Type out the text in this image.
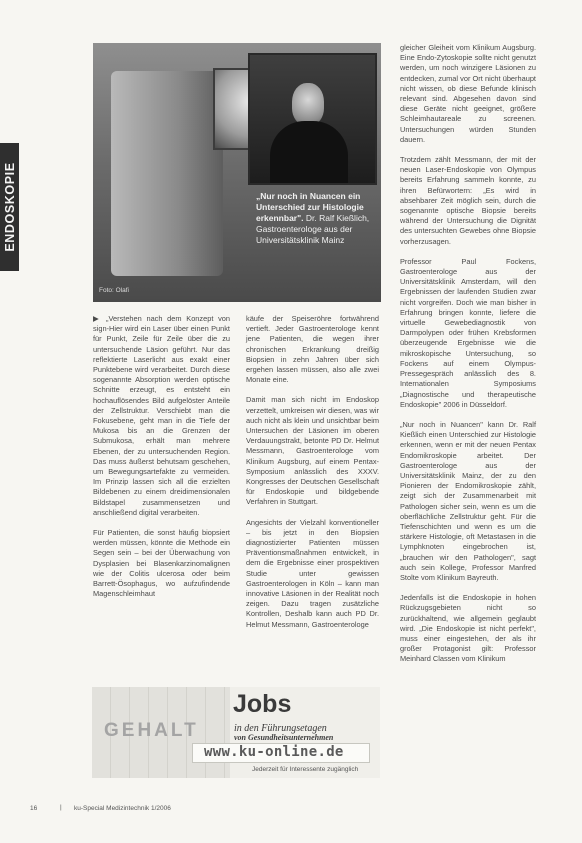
ENDOSKOPIE	„Nur noch in Nuancen ein Unterschied zur Histologie erkennbar". Dr. Ralf Kießlich, Gastroenterologe aus der Universitätsklinik Mainz
Foto: Olafi

▶ „Verstehen nach dem Konzept von sign-Hier wird ein Laser über einen Punkt für Punkt, Zeile für Zeile über die zu untersuchende Läsion geführt. Nur das reflektierte Laserlicht aus exakt einer Punktebene wird verarbeitet. Durch diese sogenannte Absorption werden optische Schnitte erzeugt, es entsteht ein hochauflösendes Bild aufgelöster Anteile der Zellstruktur. Verschiebt man die Fokusebene, geht man in die Tiefe der Mukosa bis an die Grenzen der Submukosa, erhält man mehrere Ebenen, der zu untersuchenden Region. Das muss äußerst behutsam geschehen, um Bewegungsartefakte zu vermeiden. Im Prinzip lassen sich all die erzielten Bildebenen zu einem dreidimensionalen Bildstapel zusammensetzen und anschließend digital verarbeiten.

Für Patienten, die sonst häufig biopsiert werden müssen, könnte die Methode ein Segen sein – bei der Überwachung von Dysplasien bei Blasenkarzinomalignen wie der Colitis ulcerosa oder beim Barrett-Ösophagus, wo aufzufindende Magenschleimhaut

käufe der Speiseröhre fortwährend vertieft. Jeder Gastroenterologe kennt jene Patienten, die wegen ihrer chronischen Erkrankung dreißig Biopsien in zehn Jahren über sich ergehen lassen müssen, also alle zwei Monate eine.

Damit man sich nicht im Endoskop verzettelt, umkreisen wir diesen, was wir auch nicht als klein und unsichtbar beim Untersuchen der Läsionen im oberen Verdauungstrakt, betonte PD Dr. Helmut Messmann, Gastroenterologe vom Klinikum Augsburg, auf einem Pentax-Symposium anlässlich des XXXV. Kongresses der Deutschen Gesellschaft für Endoskopie und bildgebende Verfahren in Stuttgart.

Angesichts der Vielzahl konventioneller – bis jetzt in den Biopsien diagnostizierter Patienten müssen Präventionsmaßnahmen entwickelt, in dem die Ergebnisse einer prospektiven Studie unter gewissen Gastroenterologen in Köln – kann man innovative Läsionen in der Realität noch zeigen. Dazu tragen zusätzliche Kontrollen, Deshalb kann auch PD Dr. Helmut Messmann, Gastroenterologe

gleicher Gleiheit vom Klinikum Augsburg. Eine Endo-Zytoskopie sollte nicht genutzt werden, um noch winzigere Läsionen zu entdecken, zumal vor Ort nicht überhaupt nicht wissen, ob diese Befunde klinisch relevant sind. Abgesehen davon sind diese Geräte nicht geeignet, größere Schleimhautareale zu screenen. Untersuchungen würden Stunden dauern.

Trotzdem zählt Messmann, der mit der neuen Laser-Endoskopie von Olympus bereits Erfahrung sammeln konnte, zu ihren Befürwortern: „Es wird in absehbarer Zeit möglich sein, durch die sogenannte optische Biopsie bereits während der Untersuchung die Dignität des untersuchten Gewebes ohne Biopsie vorherzusagen.

Professor Paul Fockens, Gastroenterologe aus der Universitätsklinik Amsterdam, will den Ergebnissen der laufenden Studien zwar nicht vorgreifen. Doch wie man bisher in Erfahrung bringen konnte, liefere die virtuelle Gewebediagnostik von Darmpolypen oder frühen Krebsformen überzeugende Ergebnisse wie die mikroskopische Untersuchung, so Fockens auf einem Olympus-Pressegespräch anlässlich des 8. Internationalen Symposiums „Diagnostische und therapeutische Endoskopie" 2006 in Düsseldorf.

„Nur noch in Nuancen" kann Dr. Ralf Kießlich einen Unterschied zur Histologie erkennen, wenn er mit der neuen Pentax Endomikroskopie arbeitet. Der Gastroenterologe aus der Universitätsklinik Mainz, der zu den Pionieren der Endomikroskopie zählt, zeigt sich der Zusammenarbeit mit Pathologen sicher sein, wenn es um die oberflächliche Zellstruktur geht. Für die Tiefenschichten und wenn es um die stärkere Histologie, oft Metastasen in die Lymphknoten eingebrochen ist, „brauchen wir den Pathologen", sagt auch sein Kollege, Professor Manfred Stolte vom Klinikum Bayreuth.

Jedenfalls ist die Endoskopie in hohen Rückzugsgebieten nicht so zurückhaltend, wie allgemein geglaubt wird. „Die Endoskopie ist nicht perfekt", muss einer eingestehen, der als ihr großer Protagonist gilt: Professor Meinhard Classen vom Klinikum

GEHALT
www.ku-online.de
Jobs
in den Führungsetagen
von Gesundheitsunternehmen
Jederzeit für Interessente zugänglich
16	| ku-Special Medizintechnik 1/2006
